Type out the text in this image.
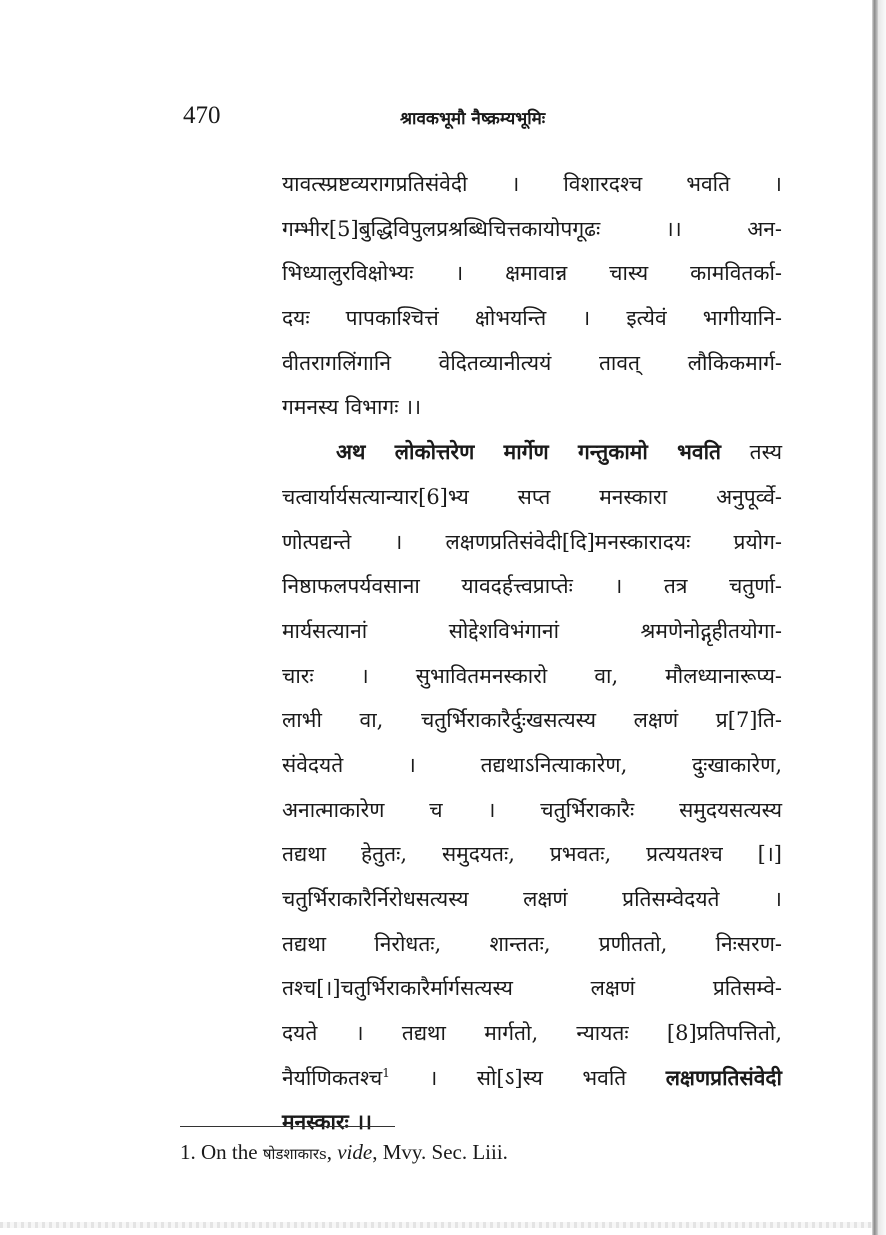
470	श्रावकभूमौ नैष्क्रम्यभूमिः
यावत्स्प्रष्टव्यरागप्रतिसंवेदी । विशारदश्च भवति ।
गम्भीर[5]बुद्धिविपुलप्रश्रब्धिचित्तकायोपगूढः ।। अन-
भिध्यालुरविक्षोभ्यः । क्षमावान्न चास्य कामवितर्का-
दयः पापकाश्चित्तं क्षोभयन्ति । इत्येवं भागीयानि-
वीतरागलिंगानि वेदितव्यानीत्ययं तावत् लौकिकमार्ग-
गमनस्य विभागः ।।
अथ लोकोत्तरेण मार्गेण गन्तुकामो भवति तस्य
चत्वार्यार्यसत्यान्यार[6]भ्य सप्त मनस्कारा अनुपूर्व्वे-
णोत्पद्यन्ते । लक्षणप्रतिसंवेदी[दि]मनस्कारादयः प्रयोग-
निष्ठाफलपर्यवसाना यावदर्हत्त्वप्राप्तेः । तत्र चतुर्णा-
मार्यसत्यानां सोद्देशविभंगानां श्रमणेनोद्गृहीतयोगा-
चारः । सुभावितमनस्कारो वा, मौलध्यानारूप्य-
लाभी वा, चतुर्भिराकारैर्दुःखसत्यस्य लक्षणं प्र[7]ति-
संवेदयते । तद्यथाऽनित्याकारेण, दुःखाकारेण,
अनात्माकारेण च । चतुर्भिराकारैः समुदयसत्यस्य
तद्यथा हेतुतः, समुदयतः, प्रभवतः, प्रत्ययतश्च [।]
चतुर्भिराकारैर्निरोधसत्यस्य लक्षणं प्रतिसम्वेदयते ।
तद्यथा निरोधतः, शान्ततः, प्रणीततो, निःसरण-
तश्च[।]चतुर्भिराकारैर्मार्गसत्यस्य लक्षणं प्रतिसम्वे-
दयते । तद्यथा मार्गतो, न्यायतः [8]प्रतिपत्तितो,
नैर्याणिकतश्च$^1$ । सो[ऽ]स्य भवति लक्षणप्रतिसंवेदी
मनस्कारः ।।
1. On the षोडशाकारs, vide, Mvy. Sec. Liii.
